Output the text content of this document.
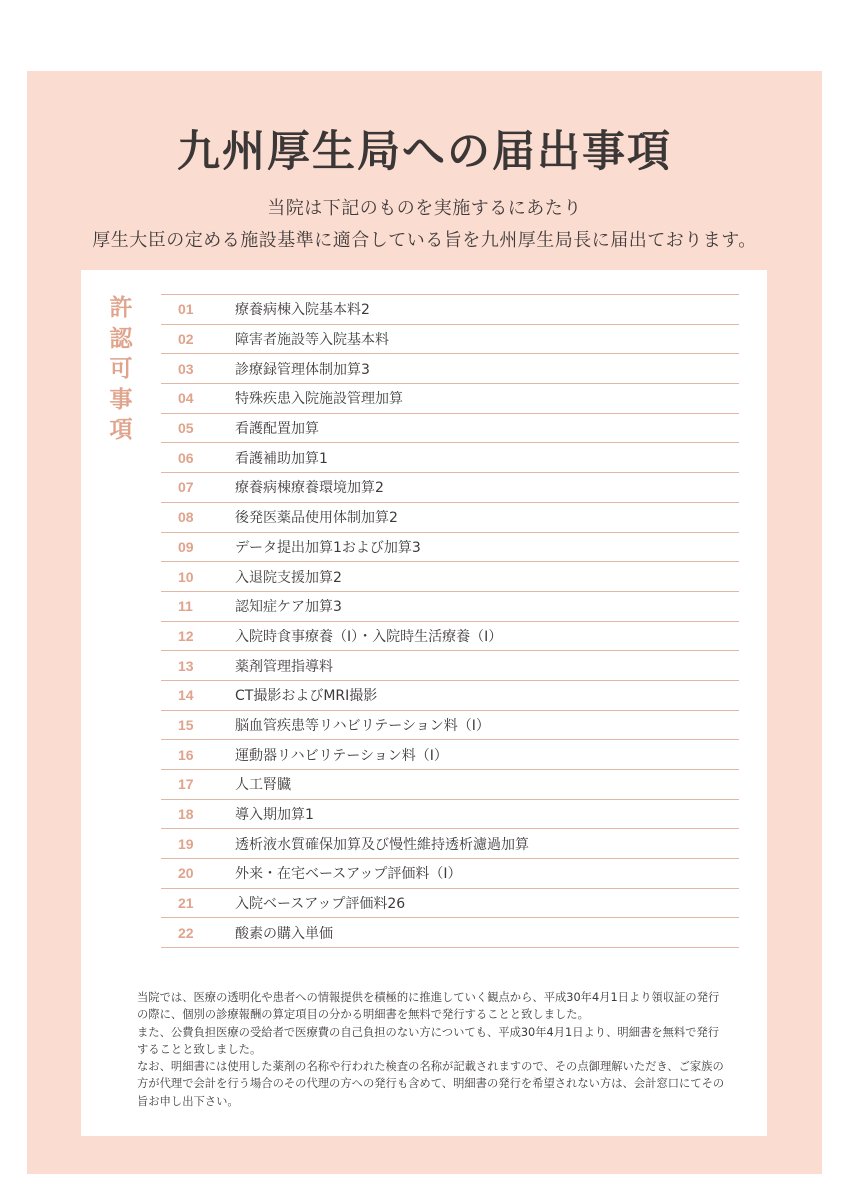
九州厚生局への届出事項
当院は下記のものを実施するにあたり
厚生大臣の定める施設基準に適合している旨を九州厚生局長に届出ております。
許
認
可
事
項
01	療養病棟入院基本料2
02	障害者施設等入院基本料
03	診療録管理体制加算3
04	特殊疾患入院施設管理加算
05	看護配置加算
06	看護補助加算1
07	療養病棟療養環境加算2
08	後発医薬品使用体制加算2
09	データ提出加算1および加算3
10	入退院支援加算2
11	認知症ケア加算3
12	入院時食事療養（Ⅰ）・入院時生活療養（Ⅰ）
13	薬剤管理指導料
14	CT撮影およびMRI撮影
15	脳血管疾患等リハビリテーション料（Ⅰ）
16	運動器リハビリテーション料（Ⅰ）
17	人工腎臓
18	導入期加算1
19	透析液水質確保加算及び慢性維持透析濾過加算
20	外来・在宅ベースアップ評価料（Ⅰ）
21	入院ベースアップ評価料26
22	酸素の購入単価

当院では、医療の透明化や患者への情報提供を積極的に推進していく観点から、平成30年4月1日より領収証の発行の際に、個別の診療報酬の算定項目の分かる明細書を無料で発行することと致しました。

また、公費負担医療の受給者で医療費の自己負担のない方についても、平成30年4月1日より、明細書を無料で発行することと致しました。

なお、明細書には使用した薬剤の名称や行われた検査の名称が記載されますので、その点御理解いただき、ご家族の方が代理で会計を行う場合のその代理の方への発行も含めて、明細書の発行を希望されない方は、会計窓口にてその旨お申し出下さい。
